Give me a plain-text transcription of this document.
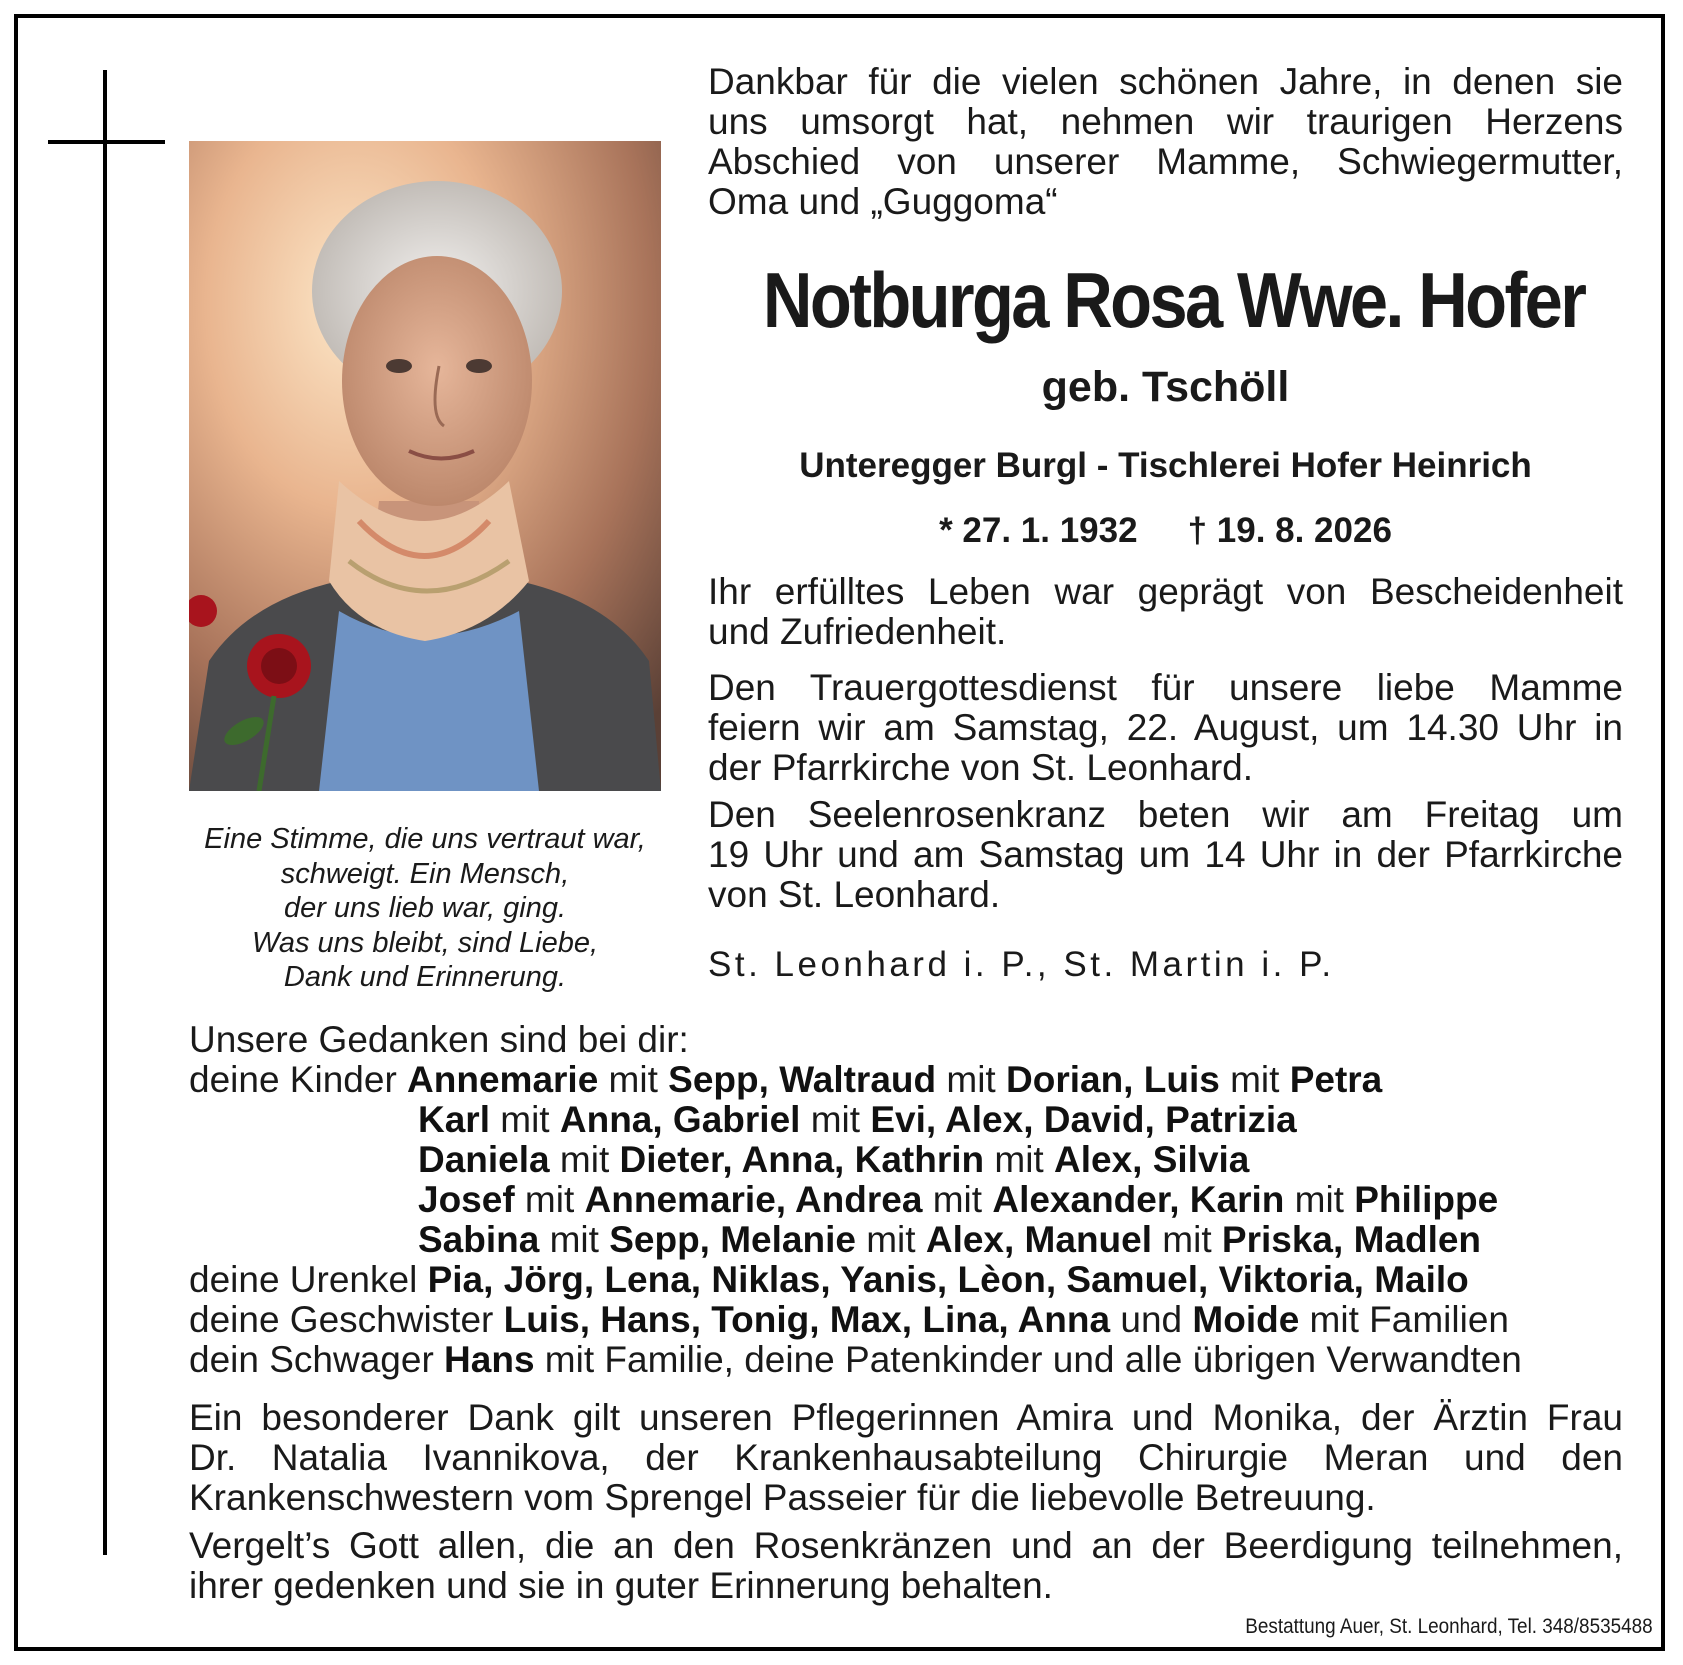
Eine Stimme, die uns vertraut war,
schweigt. Ein Mensch,
der uns lieb war, ging.
Was uns bleibt, sind Liebe,
Dank und Erinnerung.
Dankbar für die vielen schönen Jahre, in denen sie
uns umsorgt hat, nehmen wir traurigen Herzens
Abschied von unserer Mamme, Schwiegermutter,
Oma und „Guggoma“
Notburga Rosa Wwe. Hofer
geb. Tschöll
Unteregger Burgl - Tischlerei Hofer Heinrich
* 27. 1. 1932 † 19. 8. 2026
Ihr erfülltes Leben war geprägt von Bescheidenheit
und Zufriedenheit.
Den Trauergottesdienst für unsere liebe Mamme
feiern wir am Samstag, 22. August, um 14.30 Uhr in
der Pfarrkirche von St. Leonhard.
Den Seelenrosenkranz beten wir am Freitag um
19 Uhr und am Samstag um 14 Uhr in der Pfarrkirche
von St. Leonhard.
St. Leonhard i. P., St. Martin i. P.
Unsere Gedanken sind bei dir:
deine Kinder Annemarie mit Sepp, Waltraud mit Dorian, Luis mit Petra
Karl mit Anna, Gabriel mit Evi, Alex, David, Patrizia
Daniela mit Dieter, Anna, Kathrin mit Alex, Silvia
Josef mit Annemarie, Andrea mit Alexander, Karin mit Philippe
Sabina mit Sepp, Melanie mit Alex, Manuel mit Priska, Madlen
deine Urenkel Pia, Jörg, Lena, Niklas, Yanis, Lèon, Samuel, Viktoria, Mailo
deine Geschwister Luis, Hans, Tonig, Max, Lina, Anna und Moide mit Familien
dein Schwager Hans mit Familie, deine Patenkinder und alle übrigen Verwandten
Ein besonderer Dank gilt unseren Pflegerinnen Amira und Monika, der Ärztin Frau
Dr. Natalia Ivannikova, der Krankenhausabteilung Chirurgie Meran und den
Krankenschwestern vom Sprengel Passeier für die liebevolle Betreuung.
Vergelt’s Gott allen, die an den Rosenkränzen und an der Beerdigung teilnehmen,
ihrer gedenken und sie in guter Erinnerung behalten.
Bestattung Auer, St. Leonhard, Tel. 348/8535488
